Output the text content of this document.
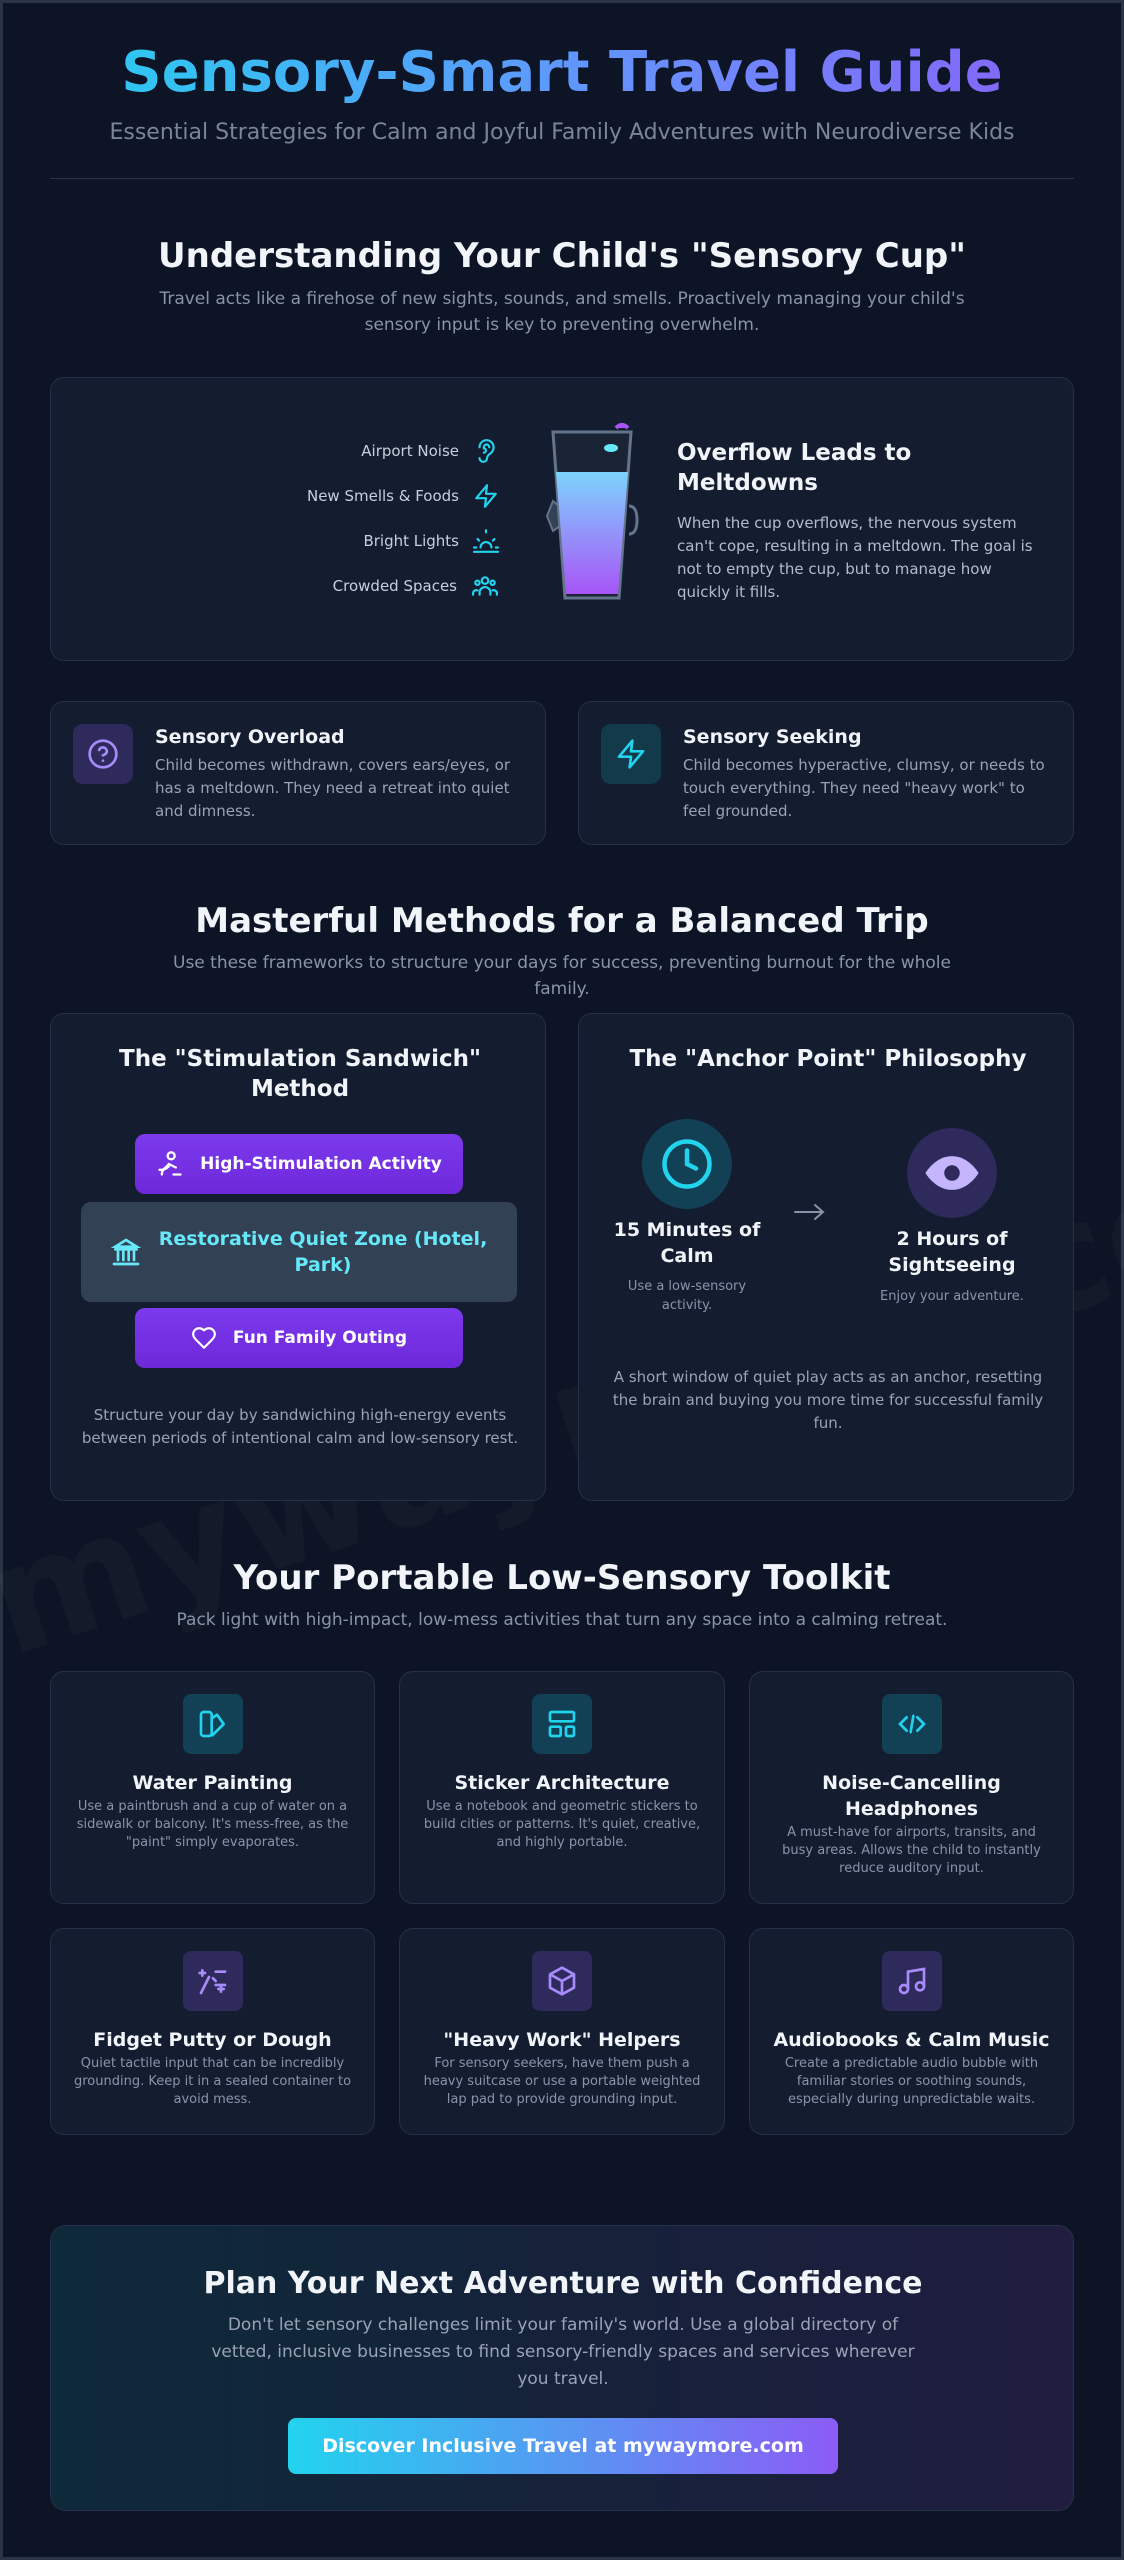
Sensory-Smart Travel Guide

Essential Strategies for Calm and Joyful Family Adventures with Neurodiverse Kids

Understanding Your Child's "Sensory Cup"

Travel acts like a firehose of new sights, sounds, and smells. Proactively managing your child's sensory input is key to preventing overwhelm.

Airport Noise
New Smells & Foods
Bright Lights
Crowded Spaces
Overflow Leads to Meltdowns

When the cup overflows, the nervous system can't cope, resulting in a meltdown. The goal is not to empty the cup, but to manage how quickly it fills.

Sensory Overload

Child becomes withdrawn, covers ears/eyes, or has a meltdown. They need a retreat into quiet and dimness.

Sensory Seeking

Child becomes hyperactive, clumsy, or needs to touch everything. They need "heavy work" to feel grounded.

Masterful Methods for a Balanced Trip

Use these frameworks to structure your days for success, preventing burnout for the whole family.

The "Stimulation Sandwich" Method
High-Stimulation Activity
Restorative Quiet Zone (Hotel, Park)
Fun Family Outing

Structure your day by sandwiching high-energy events between periods of intentional calm and low-sensory rest.

The "Anchor Point" Philosophy
15 Minutes of Calm

Use a low-sensory activity.

2 Hours of Sightseeing

Enjoy your adventure.

A short window of quiet play acts as an anchor, resetting the brain and buying you more time for successful family fun.

Your Portable Low-Sensory Toolkit

Pack light with high-impact, low-mess activities that turn any space into a calming retreat.

Water Painting

Use a paintbrush and a cup of water on a sidewalk or balcony. It's mess-free, as the "paint" simply evaporates.

Sticker Architecture

Use a notebook and geometric stickers to build cities or patterns. It's quiet, creative, and highly portable.

Noise-Cancelling Headphones

A must-have for airports, transits, and busy areas. Allows the child to instantly reduce auditory input.

Fidget Putty or Dough

Quiet tactile input that can be incredibly grounding. Keep it in a sealed container to avoid mess.

"Heavy Work" Helpers

For sensory seekers, have them push a heavy suitcase or use a portable weighted lap pad to provide grounding input.

Audiobooks & Calm Music

Create a predictable audio bubble with familiar stories or soothing sounds, especially during unpredictable waits.

Plan Your Next Adventure with Confidence

Don't let sensory challenges limit your family's world. Use a global directory of vetted, inclusive businesses to find sensory-friendly spaces and services wherever you travel.

Discover Inclusive Travel at mywaymore.com
